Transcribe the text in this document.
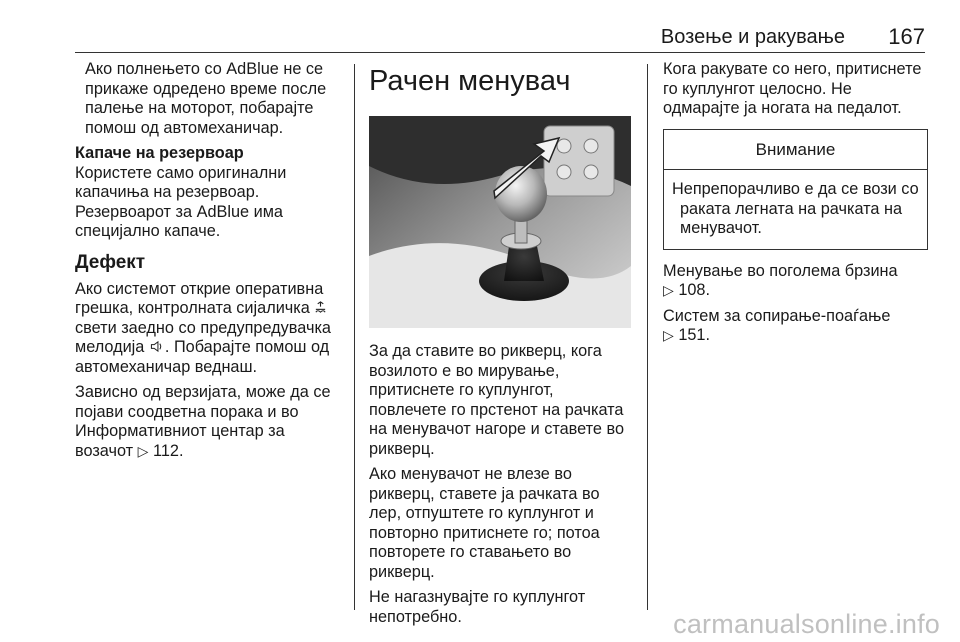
Возење и ракување 167

Ако полнењето со AdBlue не се прикаже одредено време после палење на моторот, побарајте помош од автомеханичар.

Капаче на резервоар

Користете само оригинални капачиња на резервоар. Резервоарот за AdBlue има специјално капаче.

Дефект

Ако системот открие оперативна грешка, контролната сијаличка  свети заедно со предупредувачка мелодија . Побарајте помош од автомеханичар веднаш.

Зависно од верзијата, може да се појави соодветна порака и во Информативниот центар за возачот ▷ 112.

Рачен менувач

За да ставите во рикверц, кога возилото е во мирување, притиснете го куплунгот, повлечете го прстенот на рачката на менувачот нагоре и ставете во рикверц.

Ако менувачот не влезе во рикверц, ставете ја рачката во лер, отпуштете го куплунгот и повторно притиснете го; потоа повторете го ставањето во рикверц.

Не нагазнувајте го куплунгот непотребно.

Кога ракувате со него, притиснете го куплунгот целосно. Не одмарајте ја ногата на педалот.

Внимание
Непрепорачливо е да се вози со раката легната на рачката на менувачот.

Менување во поголема брзина
▷ 108.

Систем за сопирање-поаѓање
▷ 151.

carmanualsonline.info
